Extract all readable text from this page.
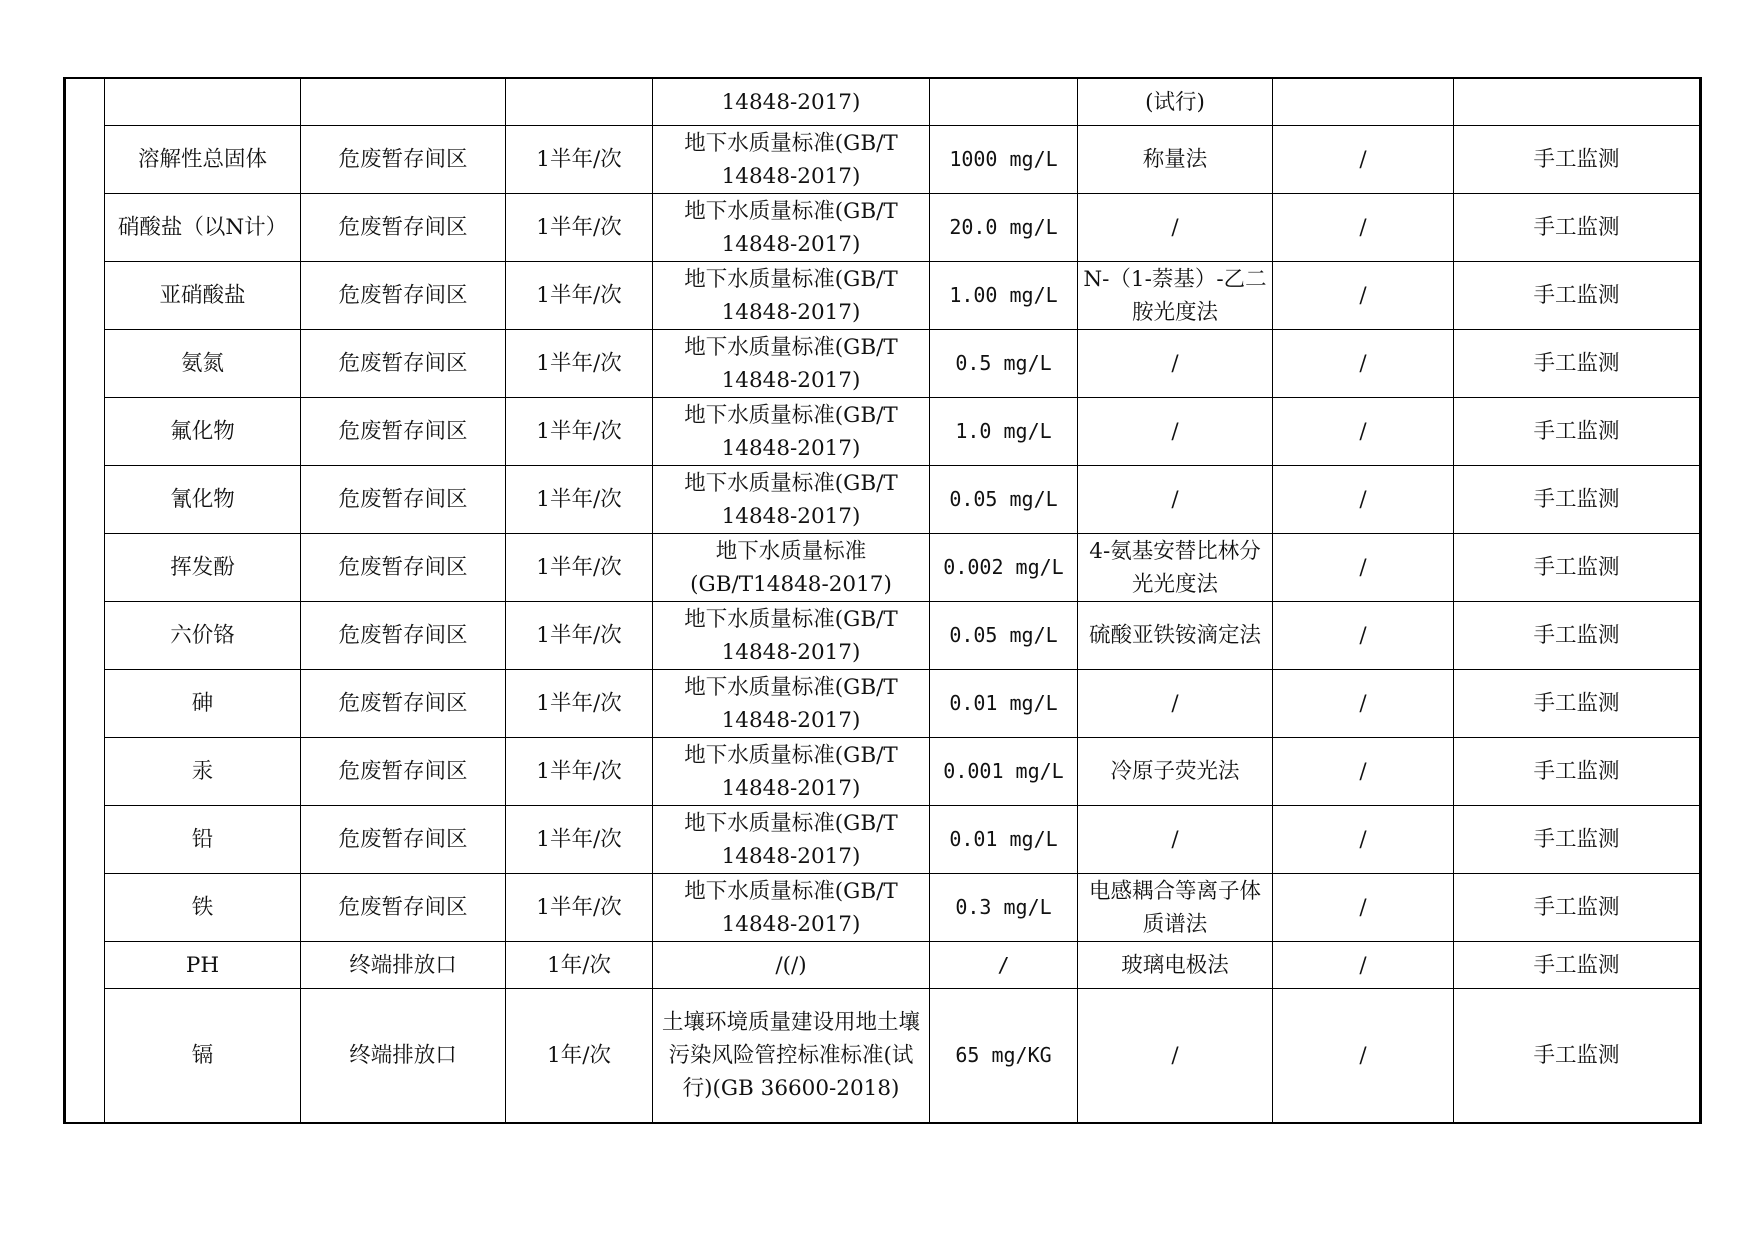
				14848-2017)		(试行)		
	溶解性总固体	危废暂存间区	1半年/次	地下水质量标准(GB/T 14848-2017)	1000 mg/L	称量法	/	手工监测
	硝酸盐（以N计）	危废暂存间区	1半年/次	地下水质量标准(GB/T 14848-2017)	20.0 mg/L	/	/	手工监测
	亚硝酸盐	危废暂存间区	1半年/次	地下水质量标准(GB/T 14848-2017)	1.00 mg/L	N-（1-萘基）-乙二胺光度法	/	手工监测
	氨氮	危废暂存间区	1半年/次	地下水质量标准(GB/T 14848-2017)	0.5 mg/L	/	/	手工监测
	氟化物	危废暂存间区	1半年/次	地下水质量标准(GB/T 14848-2017)	1.0 mg/L	/	/	手工监测
	氰化物	危废暂存间区	1半年/次	地下水质量标准(GB/T 14848-2017)	0.05 mg/L	/	/	手工监测
	挥发酚	危废暂存间区	1半年/次	地下水质量标准(GB/T14848-2017)	0.002 mg/L	4-氨基安替比林分光光度法	/	手工监测
	六价铬	危废暂存间区	1半年/次	地下水质量标准(GB/T 14848-2017)	0.05 mg/L	硫酸亚铁铵滴定法	/	手工监测
	砷	危废暂存间区	1半年/次	地下水质量标准(GB/T 14848-2017)	0.01 mg/L	/	/	手工监测
	汞	危废暂存间区	1半年/次	地下水质量标准(GB/T 14848-2017)	0.001 mg/L	冷原子荧光法	/	手工监测
	铅	危废暂存间区	1半年/次	地下水质量标准(GB/T 14848-2017)	0.01 mg/L	/	/	手工监测
	铁	危废暂存间区	1半年/次	地下水质量标准(GB/T 14848-2017)	0.3 mg/L	电感耦合等离子体质谱法	/	手工监测
	PH	终端排放口	1年/次	/(/)	/	玻璃电极法	/	手工监测
	镉	终端排放口	1年/次	土壤环境质量建设用地土壤污染风险管控标准标准(试行)(GB 36600-2018)	65 mg/KG	/	/	手工监测
